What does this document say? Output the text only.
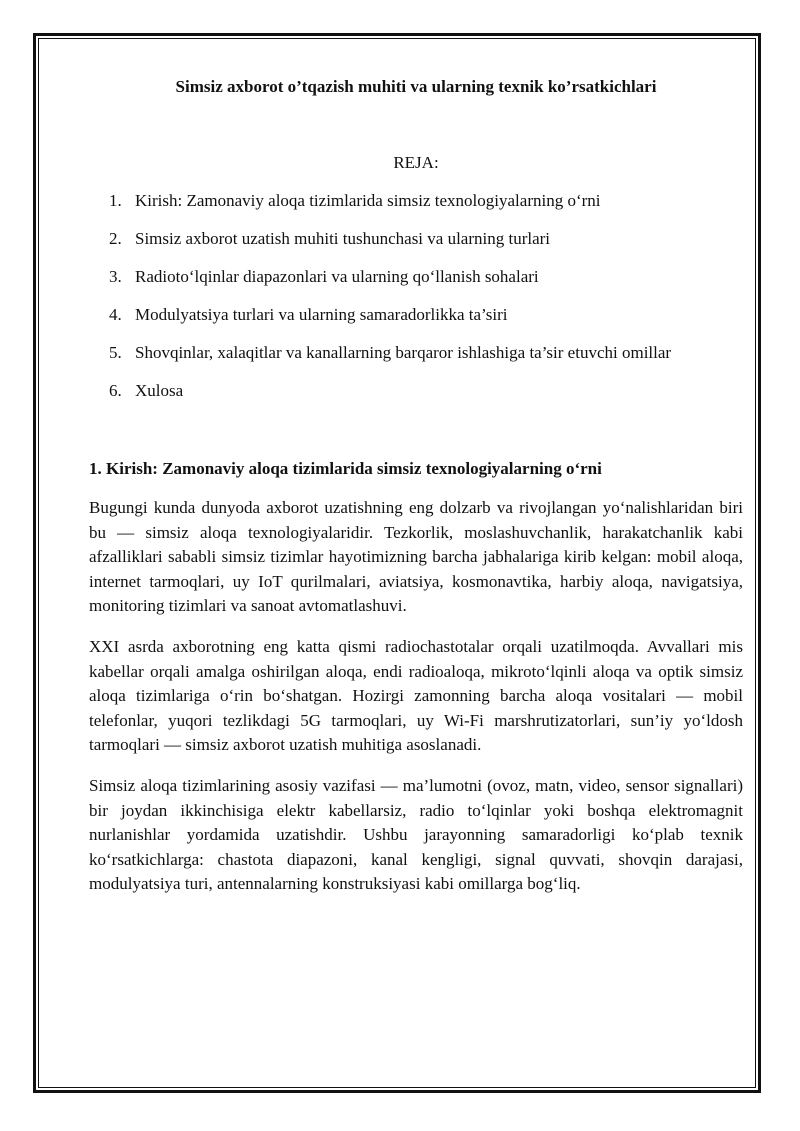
Simsiz axborot o’tqazish muhiti va ularning texnik ko’rsatkichlari
REJA:
1. Kirish: Zamonaviy aloqa tizimlarida simsiz texnologiyalarning o‘rni
2. Simsiz axborot uzatish muhiti tushunchasi va ularning turlari
3. Radioto‘lqinlar diapazonlari va ularning qo‘llanish sohalari
4. Modulyatsiya turlari va ularning samaradorlikka ta’siri
5. Shovqinlar, xalaqitlar va kanallarning barqaror ishlashiga ta’sir etuvchi omillar
6. Xulosa
1. Kirish: Zamonaviy aloqa tizimlarida simsiz texnologiyalarning o‘rni

Bugungi kunda dunyoda axborot uzatishning eng dolzarb va rivojlangan yo‘nalishlaridan biri bu — simsiz aloqa texnologiyalaridir. Tezkorlik, moslashuvchanlik, harakatchanlik kabi afzalliklari sababli simsiz tizimlar hayotimizning barcha jabhalariga kirib kelgan: mobil aloqa, internet tarmoqlari, uy IoT qurilmalari, aviatsiya, kosmonavtika, harbiy aloqa, navigatsiya, monitoring tizimlari va sanoat avtomatlashuvi.

XXI asrda axborotning eng katta qismi radiochastotalar orqali uzatilmoqda. Avvallari mis kabellar orqali amalga oshirilgan aloqa, endi radioaloqa, mikroto‘lqinli aloqa va optik simsiz aloqa tizimlariga o‘rin bo‘shatgan. Hozirgi zamonning barcha aloqa vositalari — mobil telefonlar, yuqori tezlikdagi 5G tarmoqlari, uy Wi-Fi marshrutizatorlari, sun’iy yo‘ldosh tarmoqlari — simsiz axborot uzatish muhitiga asoslanadi.

Simsiz aloqa tizimlarining asosiy vazifasi — ma’lumotni (ovoz, matn, video, sensor signallari) bir joydan ikkinchisiga elektr kabellarsiz, radio to‘lqinlar yoki boshqa elektromagnit nurlanishlar yordamida uzatishdir. Ushbu jarayonning samaradorligi ko‘plab texnik ko‘rsatkichlarga: chastota diapazoni, kanal kengligi, signal quvvati, shovqin darajasi, modulyatsiya turi, antennalarning konstruksiyasi kabi omillarga bog‘liq.
